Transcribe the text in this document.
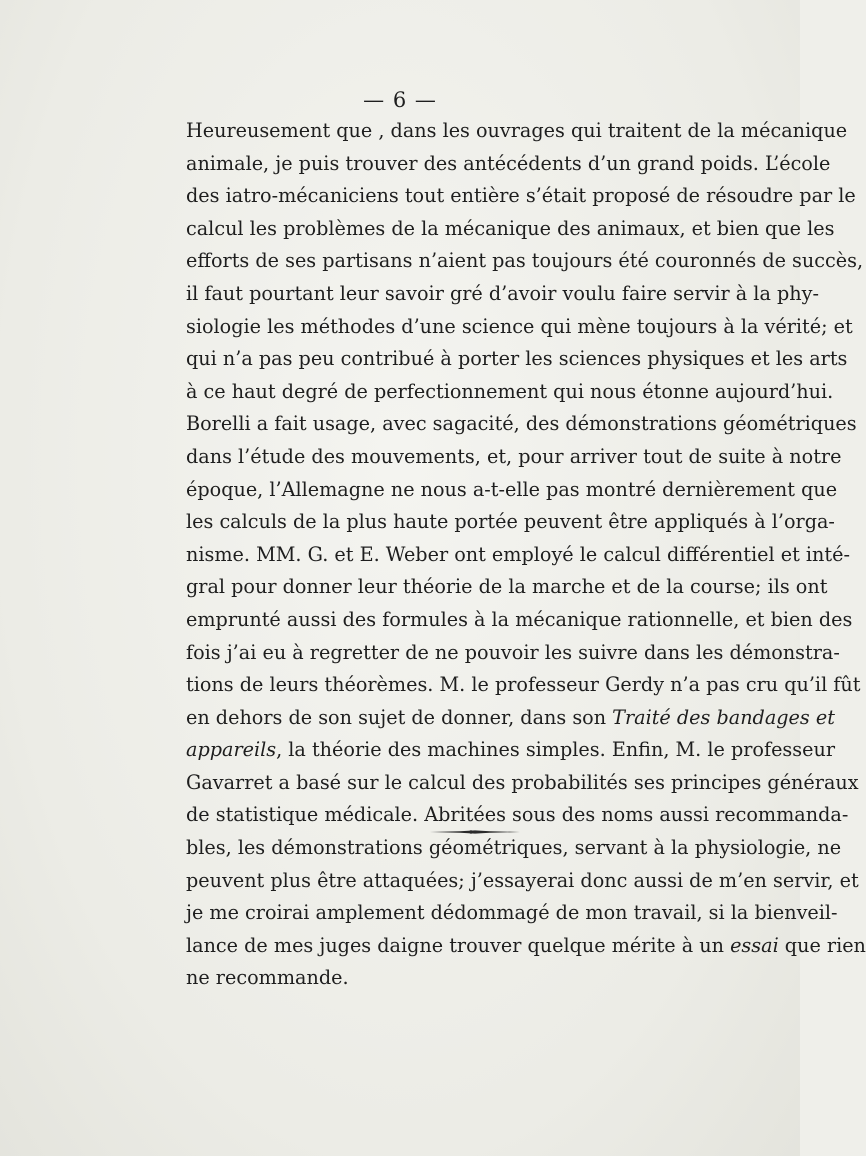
— 6 —
Heureusement que , dans les ouvrages qui traitent de la mécanique
animale, je puis trouver des antécédents d’un grand poids. L’école
des iatro-mécaniciens tout entière s’était proposé de résoudre par le
calcul les problèmes de la mécanique des animaux, et bien que les
efforts de ses partisans n’aient pas toujours été couronnés de succès,
il faut pourtant leur savoir gré d’avoir voulu faire servir à la phy-
siologie les méthodes d’une science qui mène toujours à la vérité; et
qui n’a pas peu contribué à porter les sciences physiques et les arts
à ce haut degré de perfectionnement qui nous étonne aujourd’hui.
Borelli a fait usage, avec sagacité, des démonstrations géométriques
dans l’étude des mouvements, et, pour arriver tout de suite à notre
époque, l’Allemagne ne nous a-t-elle pas montré dernièrement que
les calculs de la plus haute portée peuvent être appliqués à l’orga-
nisme. MM. G. et E. Weber ont employé le calcul différentiel et inté-
gral pour donner leur théorie de la marche et de la course; ils ont
emprunté aussi des formules à la mécanique rationnelle, et bien des
fois j’ai eu à regretter de ne pouvoir les suivre dans les démonstra-
tions de leurs théorèmes. M. le professeur Gerdy n’a pas cru qu’il fût
en dehors de son sujet de donner, dans son Traité des bandages et
appareils, la théorie des machines simples. Enfin, M. le professeur
Gavarret a basé sur le calcul des probabilités ses principes généraux
de statistique médicale. Abritées sous des noms aussi recommanda-
bles, les démonstrations géométriques, servant à la physiologie, ne
peuvent plus être attaquées; j’essayerai donc aussi de m’en servir, et
je me croirai amplement dédommagé de mon travail, si la bienveil-
lance de mes juges daigne trouver quelque mérite à un essai que rien
ne recommande.
